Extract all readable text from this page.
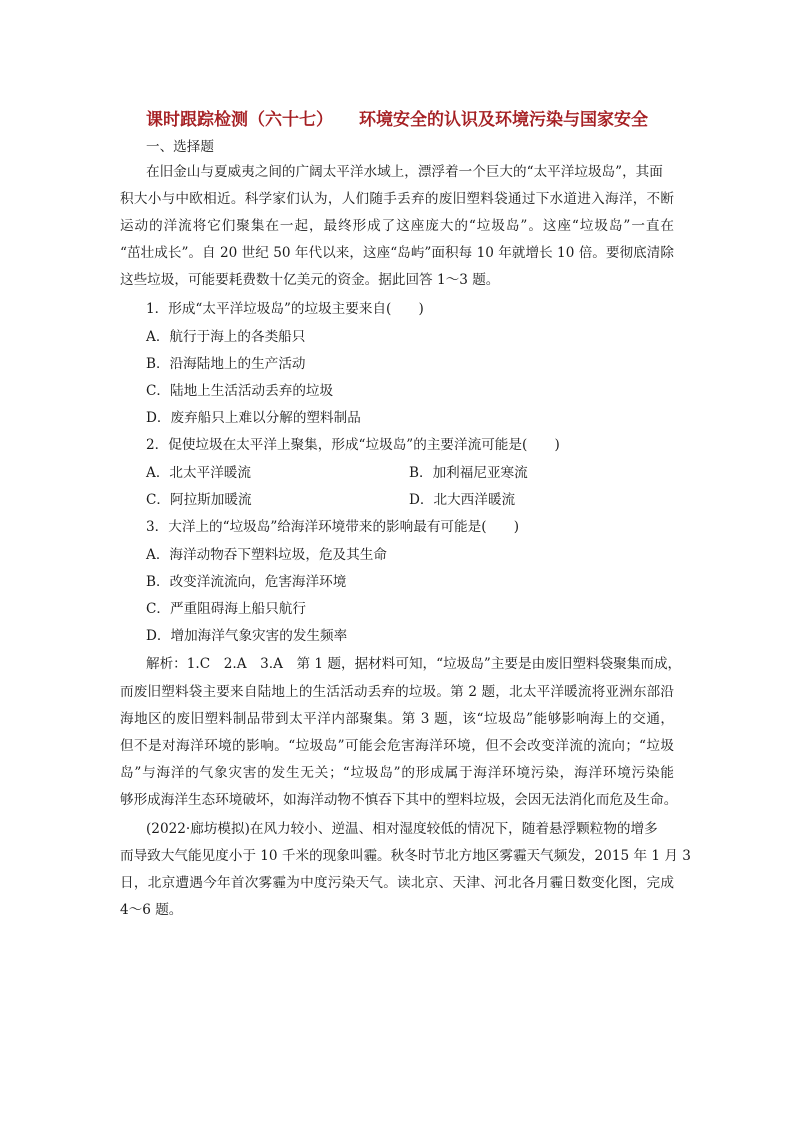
课时跟踪检测（六十七） 环境安全的认识及环境污染与国家安全
一、选择题
在旧金山与夏威夷之间的广阔太平洋水域上，漂浮着一个巨大的“太平洋垃圾岛”，其面
积大小与中欧相近。科学家们认为，人们随手丢弃的废旧塑料袋通过下水道进入海洋，不断
运动的洋流将它们聚集在一起，最终形成了这座庞大的“垃圾岛”。这座“垃圾岛”一直在
“茁壮成长”。自 20 世纪 50 年代以来，这座“岛屿”面积每 10 年就增长 10 倍。要彻底清除
这些垃圾，可能要耗费数十亿美元的资金。据此回答 1～3 题。
1．形成“太平洋垃圾岛”的垃圾主要来自(　　)
A．航行于海上的各类船只
B．沿海陆地上的生产活动
C．陆地上生活活动丢弃的垃圾
D．废弃船只上难以分解的塑料制品
2．促使垃圾在太平洋上聚集，形成“垃圾岛”的主要洋流可能是(　　)
A．北太平洋暖流	B．加利福尼亚寒流
C．阿拉斯加暖流	D．北大西洋暖流
3．大洋上的“垃圾岛”给海洋环境带来的影响最有可能是(　　)
A．海洋动物吞下塑料垃圾，危及其生命
B．改变洋流流向，危害海洋环境
C．严重阻碍海上船只航行
D．增加海洋气象灾害的发生频率
解析：1.C　2.A　3.A　第 1 题，据材料可知，“垃圾岛”主要是由废旧塑料袋聚集而成，
而废旧塑料袋主要来自陆地上的生活活动丢弃的垃圾。第 2 题，北太平洋暖流将亚洲东部沿
海地区的废旧塑料制品带到太平洋内部聚集。第 3 题，该“垃圾岛”能够影响海上的交通，
但不是对海洋环境的影响。“垃圾岛”可能会危害海洋环境，但不会改变洋流的流向；“垃圾
岛”与海洋的气象灾害的发生无关；“垃圾岛”的形成属于海洋环境污染，海洋环境污染能
够形成海洋生态环境破坏，如海洋动物不慎吞下其中的塑料垃圾，会因无法消化而危及生命。
(2022·廊坊模拟)在风力较小、逆温、相对湿度较低的情况下，随着悬浮颗粒物的增多
而导致大气能见度小于 10 千米的现象叫霾。秋冬时节北方地区雾霾天气频发，2015 年 1 月 3
日，北京遭遇今年首次雾霾为中度污染天气。读北京、天津、河北各月霾日数变化图，完成
4～6 题。
